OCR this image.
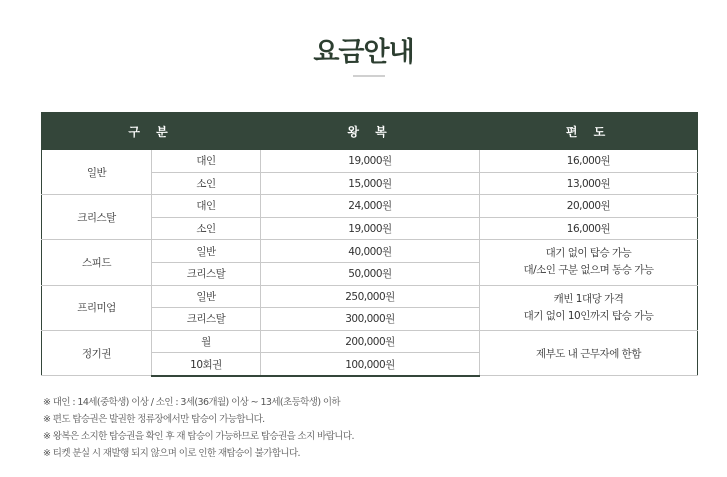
요금안내
구 분		왕 복	편 도
일반	대인	19,000원	16,000원
	소인	15,000원	13,000원
크리스탈	대인	24,000원	20,000원
	소인	19,000원	16,000원
스피드	일반	40,000원	대기 없이 탑승 가능
대/소인 구분 없으며 동승 가능

	크리스탈	50,000원	
프리미엄	일반	250,000원	캐빈 1대당 가격
대기 없이 10인까지 탑승 가능

	크리스탈	300,000원	
정기권	월	200,000원	제부도 내 근무자에 한함
	10회권	100,000원	
※ 대인 : 14세(중학생) 이상 / 소인 : 3세(36개월) 이상 ~ 13세(초등학생) 이하
※ 편도 탑승권은 발권한 정류장에서만 탑승이 가능합니다.
※ 왕복은 소지한 탑승권을 확인 후 재 탑승이 가능하므로 탑승권을 소지 바랍니다.
※ 티켓 분실 시 재발행 되지 않으며 이로 인한 재탑승이 불가합니다.
